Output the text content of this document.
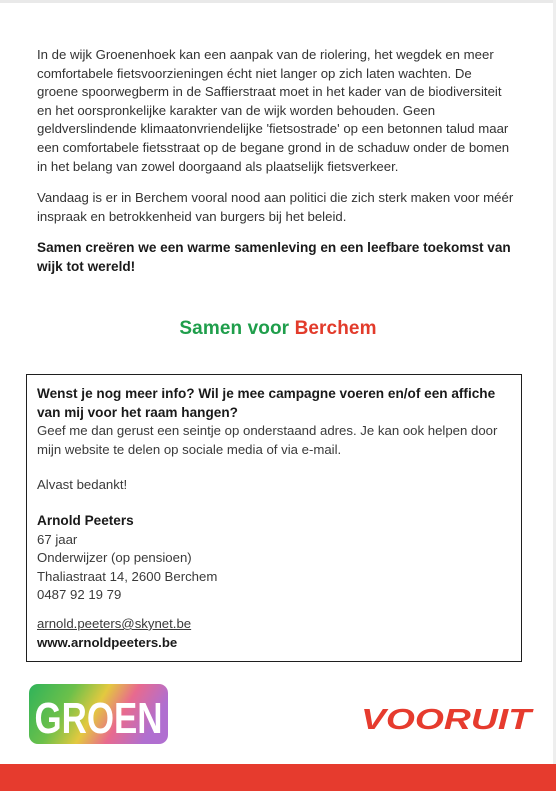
In de wijk Groenenhoek kan een aanpak van de riolering, het wegdek en meer comfortabele fietsvoorzieningen écht niet langer op zich laten wachten. De groene spoorwegberm in de Saffierstraat moet in het kader van de biodiversiteit en het oorspronkelijke karakter van de wijk worden behouden. Geen geldverslindende klimaatonvriendelijke 'fietsostrade' op een betonnen talud maar een comfortabele fietsstraat op de begane grond in de schaduw onder de bomen in het belang van zowel doorgaand als plaatselijk fietsverkeer.

Vandaag is er in Berchem vooral nood aan politici die zich sterk maken voor méér inspraak en betrokkenheid van burgers bij het beleid.

Samen creëren we een warme samenleving en een leefbare toekomst van wijk tot wereld!

Samen voor Berchem

Wenst je nog meer info? Wil je mee campagne voeren en/of een affiche van mij voor het raam hangen?

Geef me dan gerust een seintje op onderstaand adres. Je kan ook helpen door mijn website te delen op sociale media of via e-mail.

Alvast bedankt!

Arnold Peeters

67 jaar

Onderwijzer (op pensioen)

Thaliastraat 14, 2600 Berchem

0487 92 19 79

arnold.peeters@skynet.be

www.arnoldpeeters.be

GROEN	VOORUIT
